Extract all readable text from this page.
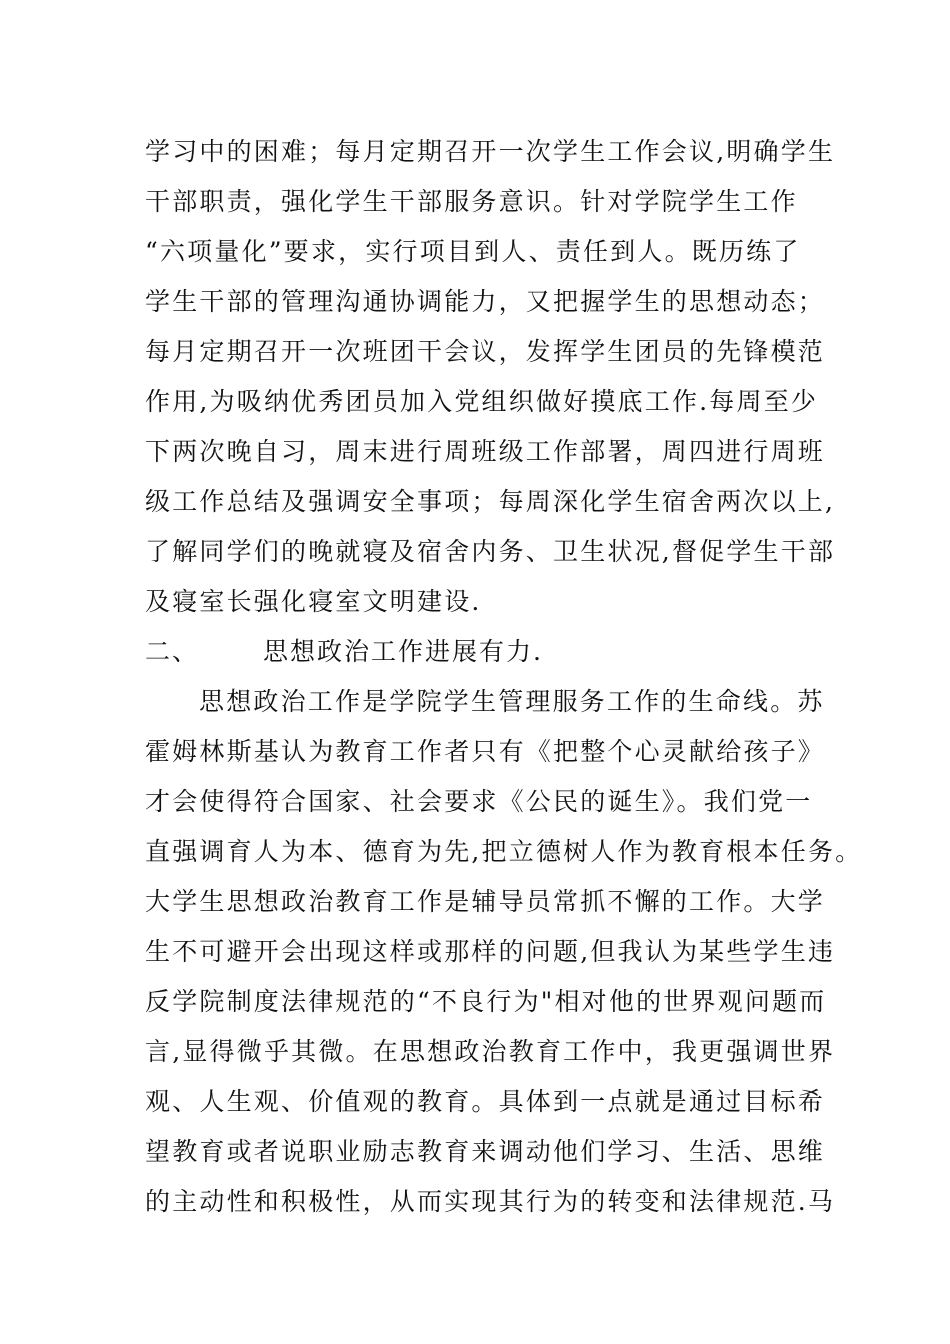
学习中的困难；每月定期召开一次学生工作会议,明确学生
干部职责，强化学生干部服务意识。针对学院学生工作
“六项量化”要求，实行项目到人、责任到人。既历练了
学生干部的管理沟通协调能力，又把握学生的思想动态；
每月定期召开一次班团干会议，发挥学生团员的先锋模范
作用,为吸纳优秀团员加入党组织做好摸底工作.每周至少
下两次晚自习，周末进行周班级工作部署，周四进行周班
级工作总结及强调安全事项；每周深化学生宿舍两次以上,
了解同学们的晚就寝及宿舍内务、卫生状况,督促学生干部
及寝室长强化寝室文明建设.
二、	思想政治工作进展有力.
思想政治工作是学院学生管理服务工作的生命线。苏
霍姆林斯基认为教育工作者只有《把整个心灵献给孩子》
才会使得符合国家、社会要求《公民的诞生》。我们党一
直强调育人为本、德育为先,把立德树人作为教育根本任务。
大学生思想政治教育工作是辅导员常抓不懈的工作。大学
生不可避开会出现这样或那样的问题,但我认为某些学生违
反学院制度法律规范的“不良行为"相对他的世界观问题而
言,显得微乎其微。在思想政治教育工作中，我更强调世界
观、人生观、价值观的教育。具体到一点就是通过目标希
望教育或者说职业励志教育来调动他们学习、生活、思维
的主动性和积极性，从而实现其行为的转变和法律规范.马
